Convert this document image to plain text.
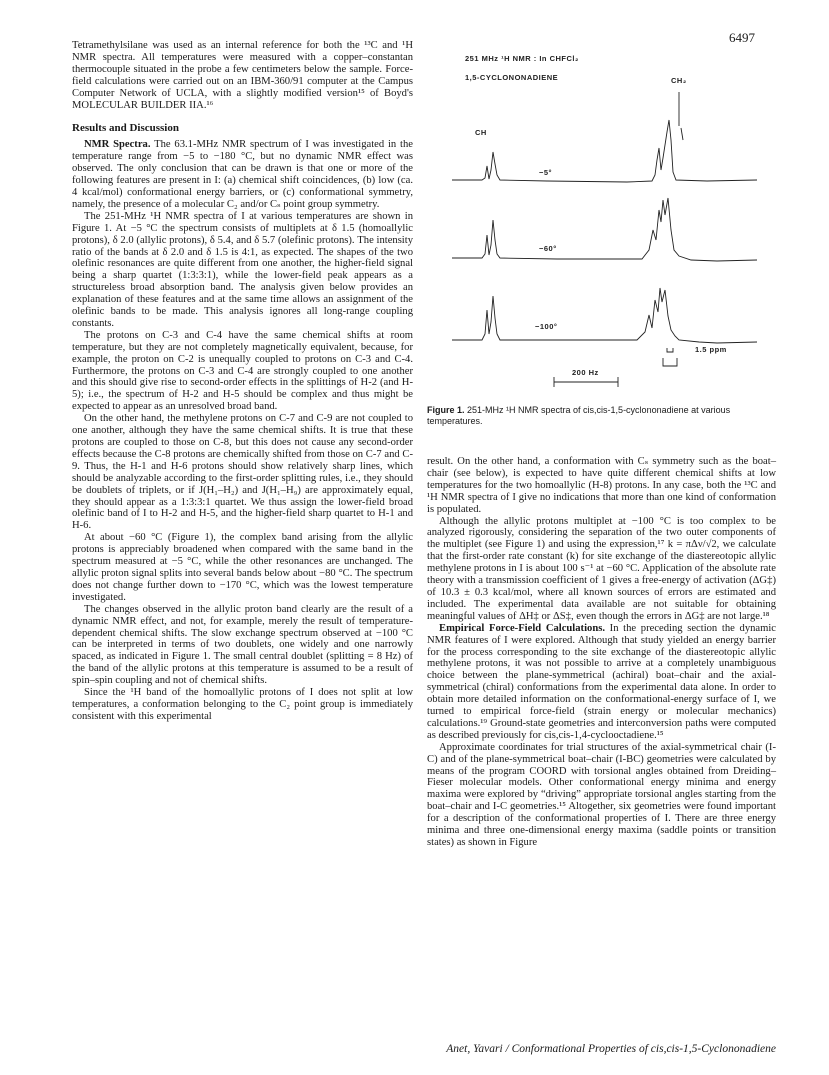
6497

Tetramethylsilane was used as an internal reference for both the ¹³C and ¹H NMR spectra. All temperatures were measured with a copper–constantan thermocouple situated in the probe a few centimeters below the sample. Force-field calculations were carried out on an IBM-360/91 computer at the Campus Computer Network of UCLA, with a slightly modified version¹⁵ of Boyd's MOLECULAR BUILDER IIA.¹⁶

Results and Discussion

NMR Spectra. The 63.1-MHz NMR spectrum of I was investigated in the temperature range from −5 to −180 °C, but no dynamic NMR effect was observed. The only conclusion that can be drawn is that one or more of the following features are present in I: (a) chemical shift coincidences, (b) low (ca. 4 kcal/mol) conformational energy barriers, or (c) conformational symmetry, namely, the presence of a molecular C₂ and/or Cₛ point group symmetry.

The 251-MHz ¹H NMR spectra of I at various temperatures are shown in Figure 1. At −5 °C the spectrum consists of multiplets at δ 1.5 (homoallylic protons), δ 2.0 (allylic protons), δ 5.4, and δ 5.7 (olefinic protons). The intensity ratio of the bands at δ 2.0 and δ 1.5 is 4:1, as expected. The shapes of the two olefinic resonances are quite different from one another, the higher-field signal being a sharp quartet (1:3:3:1), while the lower-field peak appears as a structureless broad absorption band. The analysis given below provides an explanation of these features and at the same time allows an assignment of the olefinic bands to be made. This analysis ignores all long-range coupling constants.

The protons on C-3 and C-4 have the same chemical shifts at room temperature, but they are not completely magnetically equivalent, because, for example, the proton on C-2 is unequally coupled to protons on C-3 and C-4. Furthermore, the protons on C-3 and C-4 are strongly coupled to one another and this should give rise to second-order effects in the splittings of H-2 (and H-5); i.e., the spectrum of H-2 and H-5 should be complex and thus might be expected to appear as an unresolved broad band.

On the other hand, the methylene protons on C-7 and C-9 are not coupled to one another, although they have the same chemical shifts. It is true that these protons are coupled to those on C-8, but this does not cause any second-order effects because the C-8 protons are chemically shifted from those on C-7 and C-9. Thus, the H-1 and H-6 protons should show relatively sharp lines, which should be analyzable according to the first-order splitting rules, i.e., they should be doublets of triplets, or if J(H₁–H₂) and J(H₁–H₉) are approximately equal, they should appear as a 1:3:3:1 quartet. We thus assign the lower-field broad olefinic band of I to H-2 and H-5, and the higher-field sharp quartet to H-1 and H-6.

At about −60 °C (Figure 1), the complex band arising from the allylic protons is appreciably broadened when compared with the same band in the spectrum measured at −5 °C, while the other resonances are unchanged. The allylic proton signal splits into several bands below about −80 °C. The spectrum does not change further down to −170 °C, which was the lowest temperature investigated.

The changes observed in the allylic proton band clearly are the result of a dynamic NMR effect, and not, for example, merely the result of temperature-dependent chemical shifts. The slow exchange spectrum observed at −100 °C can be interpreted in terms of two doublets, one widely and one narrowly spaced, as indicated in Figure 1. The small central doublet (splitting = 8 Hz) of the band of the allylic protons at this temperature is assumed to be a result of spin–spin coupling and not of chemical shifts.

Since the ¹H band of the homoallylic protons of I does not split at low temperatures, a conformation belonging to the C₂ point group is immediately consistent with this experimental

251 MHz ¹H NMR : In CHFCl₂
1,5-CYCLONONADIENE
CH
CH₂
−5°
−60°
−100°
1.5 ppm
200 Hz
Figure 1. 251-MHz ¹H NMR spectra of cis,cis-1,5-cyclononadiene at various temperatures.

result. On the other hand, a conformation with Cₛ symmetry such as the boat–chair (see below), is expected to have quite different chemical shifts at low temperatures for the two homoallylic (H-8) protons. In any case, both the ¹³C and ¹H NMR spectra of I give no indications that more than one kind of conformation is populated.

Although the allylic protons multiplet at −100 °C is too complex to be analyzed rigorously, considering the separation of the two outer components of the multiplet (see Figure 1) and using the expression,¹⁷ k = πΔν/√2, we calculate that the first-order rate constant (k) for site exchange of the diastereotopic allylic methylene protons in I is about 100 s⁻¹ at −60 °C. Application of the absolute rate theory with a transmission coefficient of 1 gives a free-energy of activation (ΔG‡) of 10.3 ± 0.3 kcal/mol, where all known sources of errors are estimated and included. The experimental data available are not suitable for obtaining meaningful values of ΔH‡ or ΔS‡, even though the errors in ΔG‡ are not large.¹⁸

Empirical Force-Field Calculations. In the preceding section the dynamic NMR features of I were explored. Although that study yielded an energy barrier for the process corresponding to the site exchange of the diastereotopic allylic methylene protons, it was not possible to arrive at a completely unambiguous choice between the plane-symmetrical (achiral) boat–chair and the axial-symmetrical (chiral) conformations from the experimental data alone. In order to obtain more detailed information on the conformational-energy surface of I, we turned to empirical force-field (strain energy or molecular mechanics) calculations.¹⁹ Ground-state geometries and interconversion paths were computed as described previously for cis,cis-1,4-cyclooctadiene.¹⁵

Approximate coordinates for trial structures of the axial-symmetrical chair (I-C) and of the plane-symmetrical boat–chair (I-BC) geometries were calculated by means of the program COORD with torsional angles obtained from Dreiding–Fieser molecular models. Other conformational energy minima and energy maxima were explored by “driving” appropriate torsional angles starting from the boat–chair and I-C geometries.¹⁵ Altogether, six geometries were found important for a description of the conformational properties of I. There are three energy minima and three one-dimensional energy maxima (saddle points or transition states) as shown in Figure

Anet, Yavari / Conformational Properties of cis,cis-1,5-Cyclononadiene
